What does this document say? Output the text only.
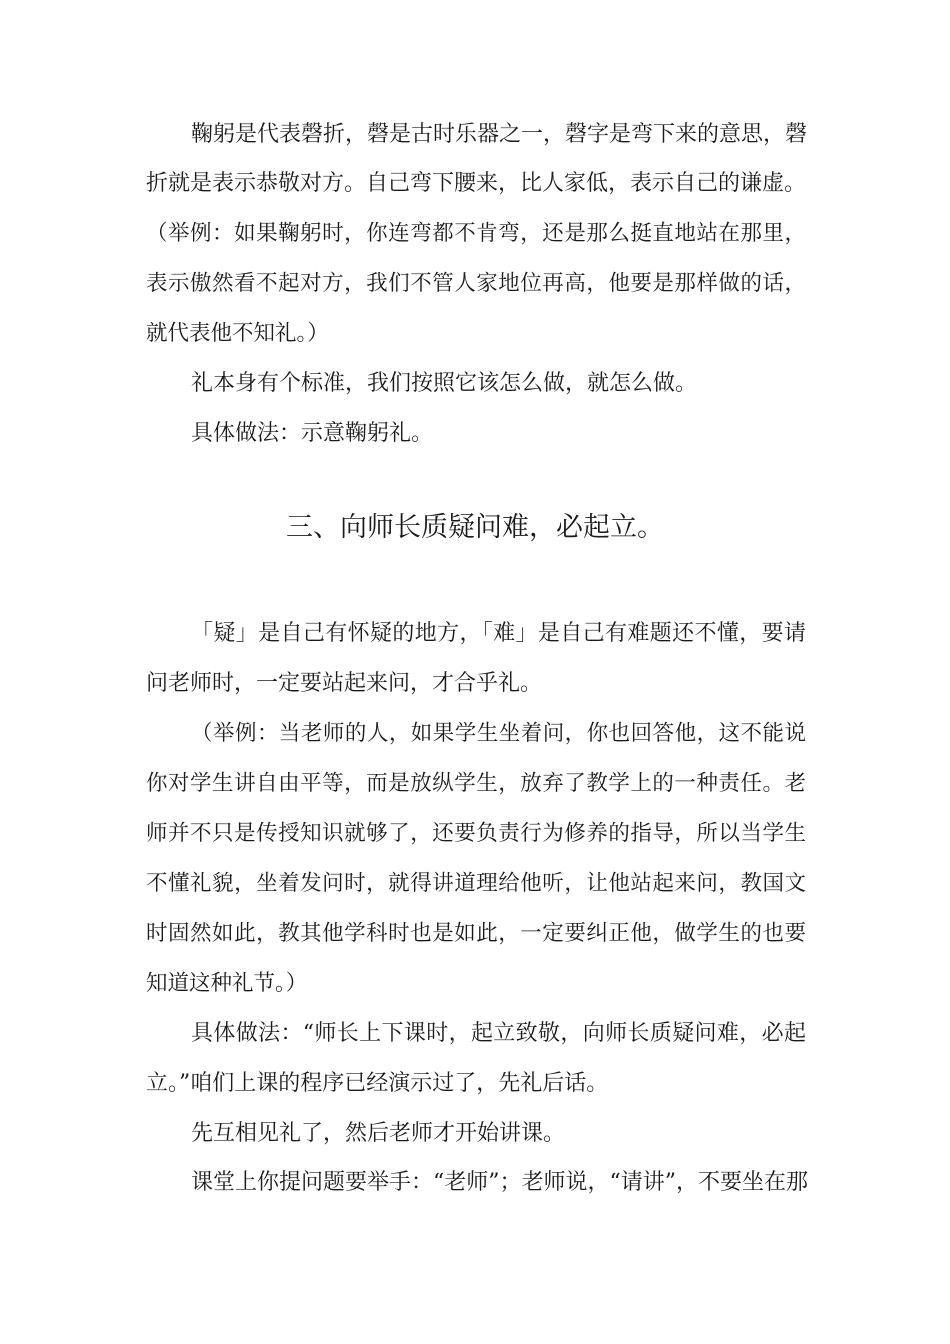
鞠躬是代表磬折，磬是古时乐器之一，磬字是弯下来的意思，磬
折就是表示恭敬对方。自己弯下腰来，比人家低，表示自己的谦虚。
（举例：如果鞠躬时，你连弯都不肯弯，还是那么挺直地站在那里，
表示傲然看不起对方，我们不管人家地位再高，他要是那样做的话，
就代表他不知礼。）
礼本身有个标准，我们按照它该怎么做，就怎么做。
具体做法：示意鞠躬礼。
三、向师长质疑问难，必起立。
「疑」是自己有怀疑的地方，「难」是自己有难题还不懂，要请
问老师时，一定要站起来问，才合乎礼。
（举例：当老师的人，如果学生坐着问，你也回答他，这不能说
你对学生讲自由平等，而是放纵学生，放弃了教学上的一种责任。老
师并不只是传授知识就够了，还要负责行为修养的指导，所以当学生
不懂礼貌，坐着发问时，就得讲道理给他听，让他站起来问，教国文
时固然如此，教其他学科时也是如此，一定要纠正他，做学生的也要
知道这种礼节。）
具体做法：“师长上下课时，起立致敬，向师长质疑问难，必起
立。”咱们上课的程序已经演示过了，先礼后话。
先互相见礼了，然后老师才开始讲课。
课堂上你提问题要举手：“老师”；老师说，“请讲”，不要坐在那
